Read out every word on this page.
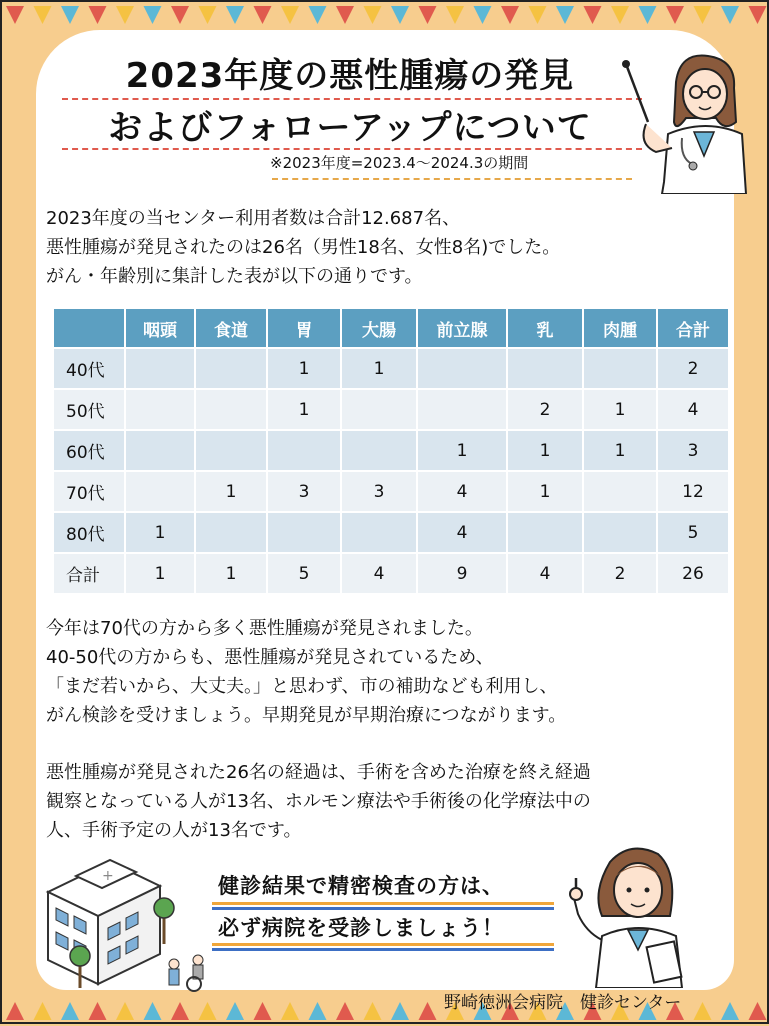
2023年度の悪性腫瘍の発見
およびフォローアップについて
※2023年度=2023.4～2024.3の期間
2023年度の当センター利用者数は合計12.687名、
悪性腫瘍が発見されたのは26名（男性18名、女性8名)でした。
がん・年齢別に集計した表が以下の通りです。
	咽頭	食道	胃	大腸	前立腺	乳	肉腫	合計
40代			1	1				2
50代			1			2	1	4
60代					1	1	1	3
70代		1	3	3	4	1		12
80代	1				4			5
合計	1	1	5	4	9	4	2	26
今年は70代の方から多く悪性腫瘍が発見されました。
40-50代の方からも、悪性腫瘍が発見されているため、
「まだ若いから、大丈夫。」と思わず、市の補助なども利用し、
がん検診を受けましょう。早期発見が早期治療につながります。
悪性腫瘍が発見された26名の経過は、手術を含めた治療を終え経過
観察となっている人が13名、ホルモン療法や手術後の化学療法中の
人、手術予定の人が13名です。
+	健診結果で精密検査の方は、
必ず病院を受診しましょう！
野崎徳洲会病院　健診センター
